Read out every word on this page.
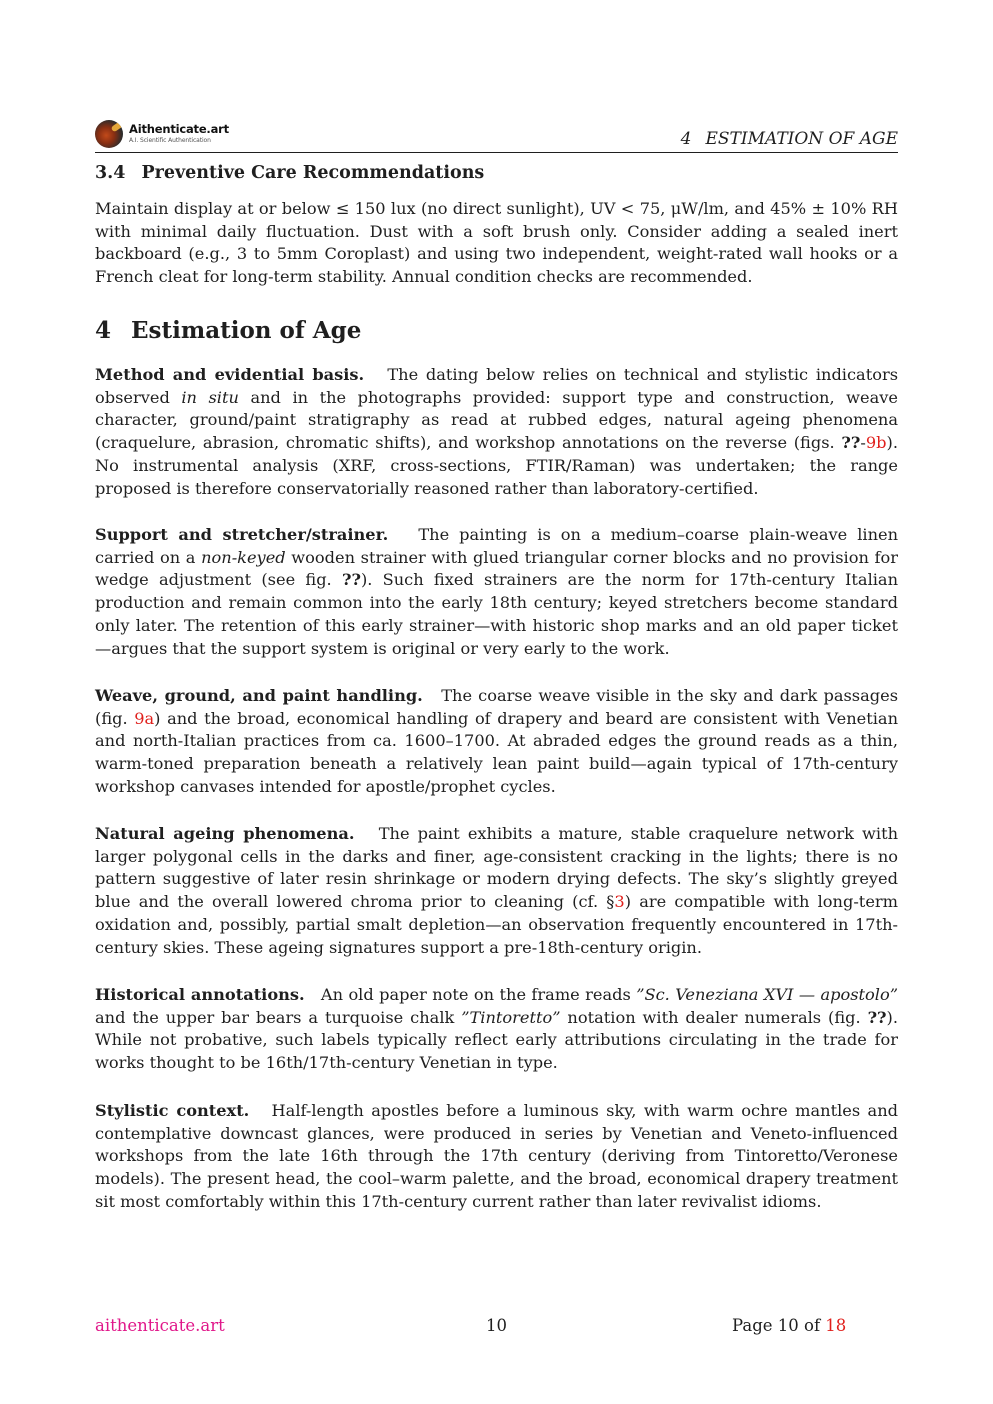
Aithenticate.art
A.I. Scientific Authentication	4 ESTIMATION OF AGE
3.4 Preventive Care Recommendations

Maintain display at or below ≤ 150 lux (no direct sunlight), UV < 75, μW/lm, and 45% ± 10% RH with minimal daily fluctuation. Dust with a soft brush only. Consider adding a sealed inert backboard (e.g., 3 to 5mm Coroplast) and using two independent, weight-rated wall hooks or a French cleat for long-term stability. Annual condition checks are recommended.

4 Estimation of Age

Method and evidential basis. The dating below relies on technical and stylistic indicators observed in situ and in the photographs provided: support type and construction, weave character, ground/paint stratigraphy as read at rubbed edges, natural ageing phenomena (craquelure, abrasion, chromatic shifts), and workshop annotations on the reverse (figs. ??-9b). No instrumental analysis (XRF, cross-sections, FTIR/Raman) was undertaken; the range proposed is therefore conservatorially reasoned rather than laboratory-certified.

Support and stretcher/strainer. The painting is on a medium–coarse plain-weave linen carried on a non-keyed wooden strainer with glued triangular corner blocks and no provision for wedge adjustment (see fig. ??). Such fixed strainers are the norm for 17th-century Italian production and remain common into the early 18th century; keyed stretchers become standard only later. The retention of this early strainer—with historic shop marks and an old paper ticket—argues that the support system is original or very early to the work.

Weave, ground, and paint handling. The coarse weave visible in the sky and dark passages (fig. 9a) and the broad, economical handling of drapery and beard are consistent with Venetian and north-Italian practices from ca. 1600–1700. At abraded edges the ground reads as a thin, warm-toned preparation beneath a relatively lean paint build—again typical of 17th-century workshop canvases intended for apostle/prophet cycles.

Natural ageing phenomena. The paint exhibits a mature, stable craquelure network with larger polygonal cells in the darks and finer, age-consistent cracking in the lights; there is no pattern suggestive of later resin shrinkage or modern drying defects. The sky’s slightly greyed blue and the overall lowered chroma prior to cleaning (cf. §3) are compatible with long-term oxidation and, possibly, partial smalt depletion—an observation frequently encountered in 17th-century skies. These ageing signatures support a pre-18th-century origin.

Historical annotations. An old paper note on the frame reads ”Sc. Veneziana XVI — apostolo” and the upper bar bears a turquoise chalk ”Tintoretto” notation with dealer numerals (fig. ??). While not probative, such labels typically reflect early attributions circulating in the trade for works thought to be 16th/17th-century Venetian in type.

Stylistic context. Half-length apostles before a luminous sky, with warm ochre mantles and contemplative downcast glances, were produced in series by Venetian and Veneto-influenced workshops from the late 16th through the 17th century (deriving from Tintoretto/Veronese models). The present head, the cool–warm palette, and the broad, economical drapery treatment sit most comfortably within this 17th-century current rather than later revivalist idioms.

aithenticate.art	10	Page 10 of 18
